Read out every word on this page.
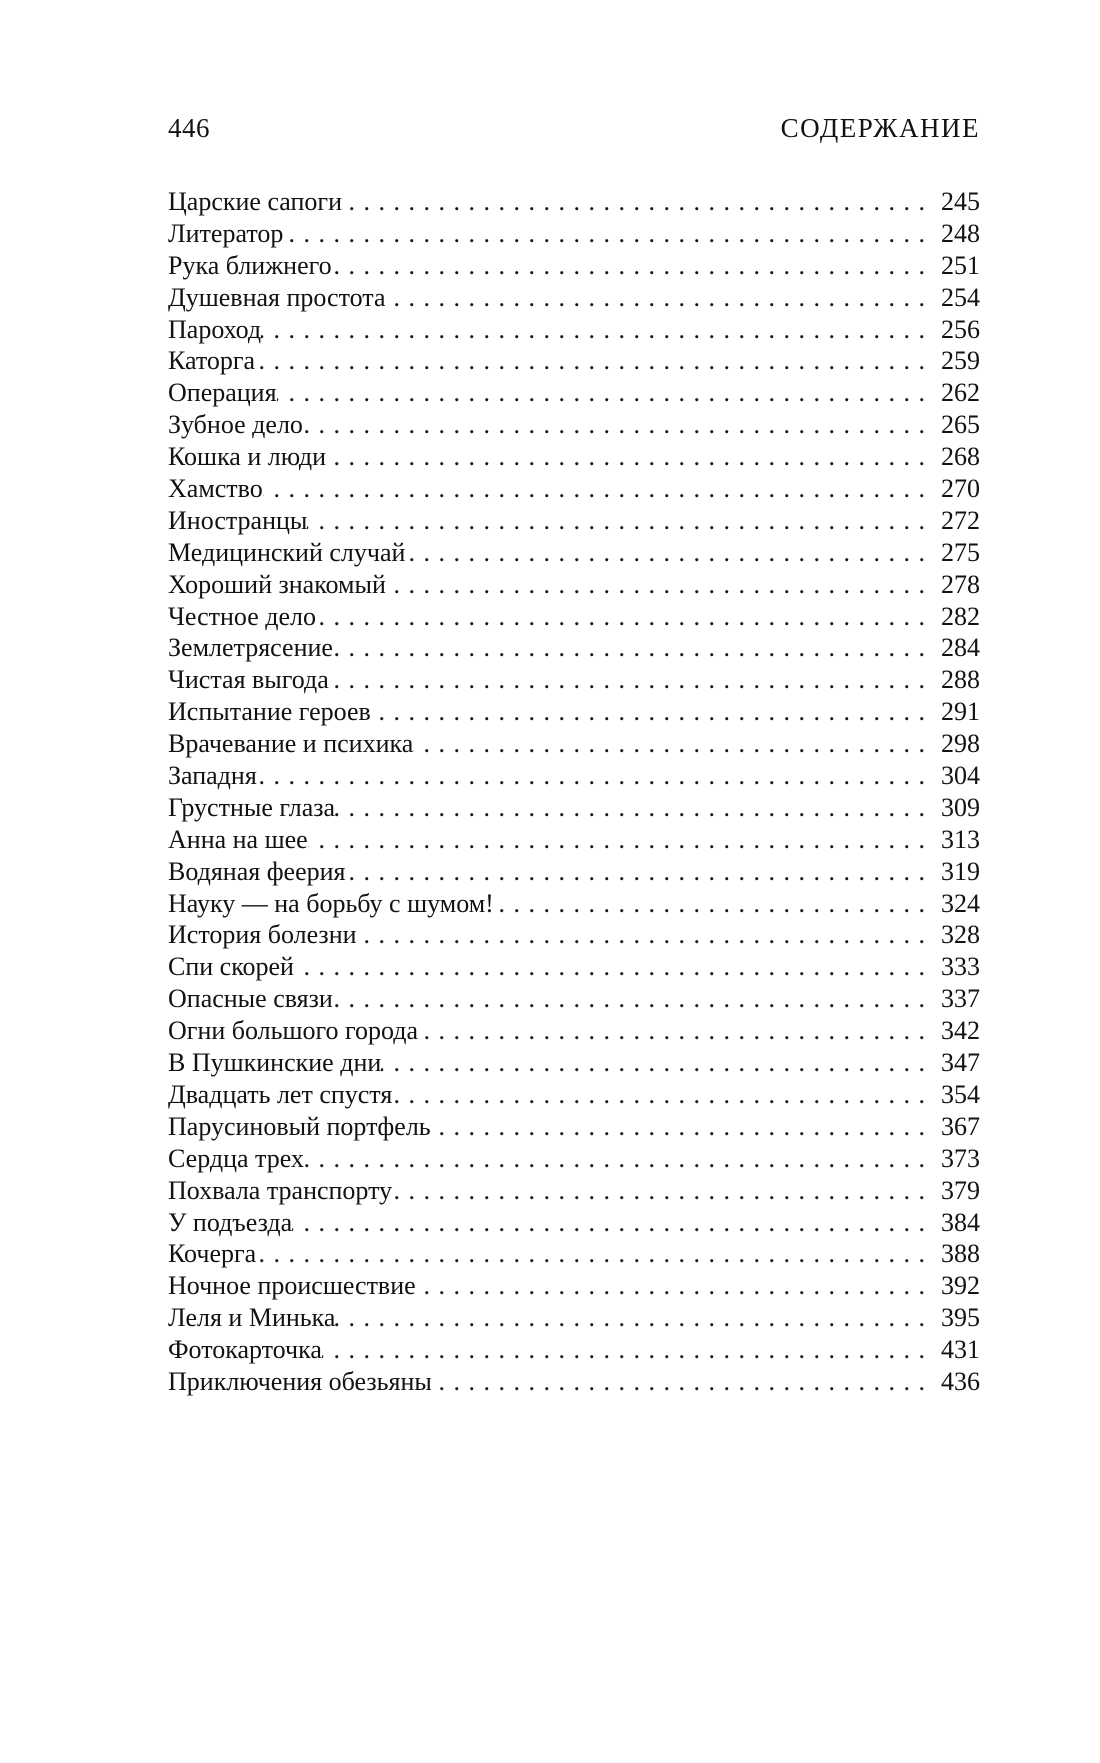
446	СОДЕРЖАНИЕ
Царские сапоги . . .	245
Литератор . . .	248
Рука ближнего . . .	251
Душевная простота . . .	254
Пароход . . .	256
Каторга . . .	259
Операция . . .	262
Зубное дело . . .	265
Кошка и люди . . .	268
Хамство . . .	270
Иностранцы . . .	272
Медицинский случай . . .	275
Хороший знакомый . . .	278
Честное дело . . .	282
Землетрясение . . .	284
Чистая выгода . . .	288
Испытание героев . . .	291
Врачевание и психика . . .	298
Западня . . .	304
Грустные глаза . . .	309
Анна на шее . . .	313
Водяная феерия . . .	319
Науку — на борьбу с шумом! . . .	324
История болезни . . .	328
Спи скорей . . .	333
Опасные связи . . .	337
Огни большого города . . .	342
В Пушкинские дни . . .	347
Двадцать лет спустя . . .	354
Парусиновый портфель . . .	367
Сердца трех . . .	373
Похвала транспорту . . .	379
У подъезда . . .	384
Кочерга . . .	388
Ночное происшествие . . .	392
Леля и Минька . . .	395
Фотокарточка . . .	431
Приключения обезьяны . . .	436
